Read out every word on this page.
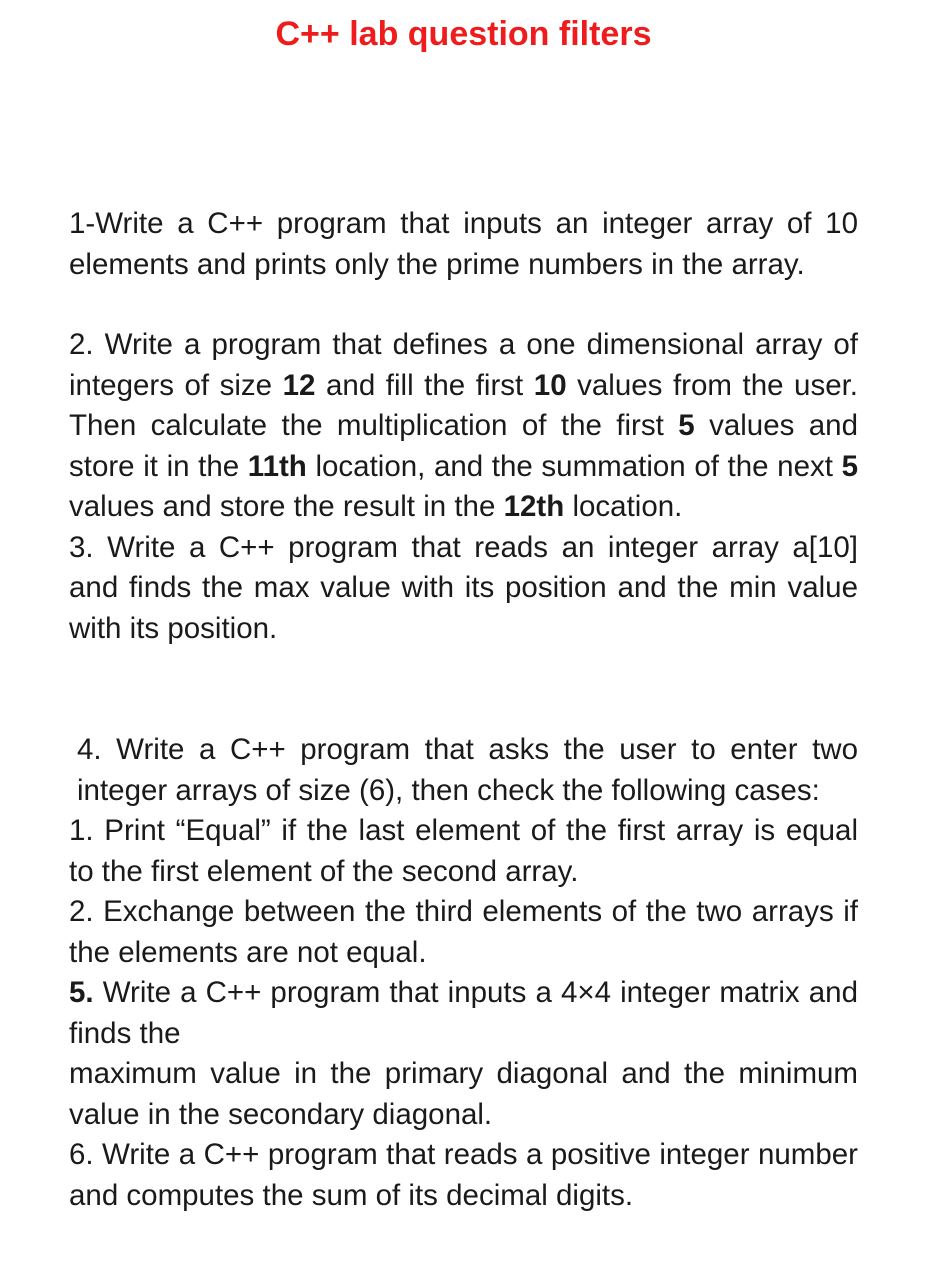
C++ lab question filters

1-Write a C++ program that inputs an integer array of 10 elements and prints only the prime numbers in the array.

2. Write a program that defines a one dimensional array of integers of size 12 and fill the first 10 values from the user. Then calculate the multiplication of the first 5 values and store it in the 11th location, and the summation of the next 5 values and store the result in the 12th location.

3. Write a C++ program that reads an integer array a[10] and finds the max value with its position and the min value with its position.

4. Write a C++ program that asks the user to enter two integer arrays of size (6), then check the following cases:

1. Print “Equal” if the last element of the first array is equal to the first element of the second array.

2. Exchange between the third elements of the two arrays if the elements are not equal.

5. Write a C++ program that inputs a 4×4 integer matrix and finds the

maximum value in the primary diagonal and the minimum value in the secondary diagonal.

6. Write a C++ program that reads a positive integer number and computes the sum of its decimal digits.
